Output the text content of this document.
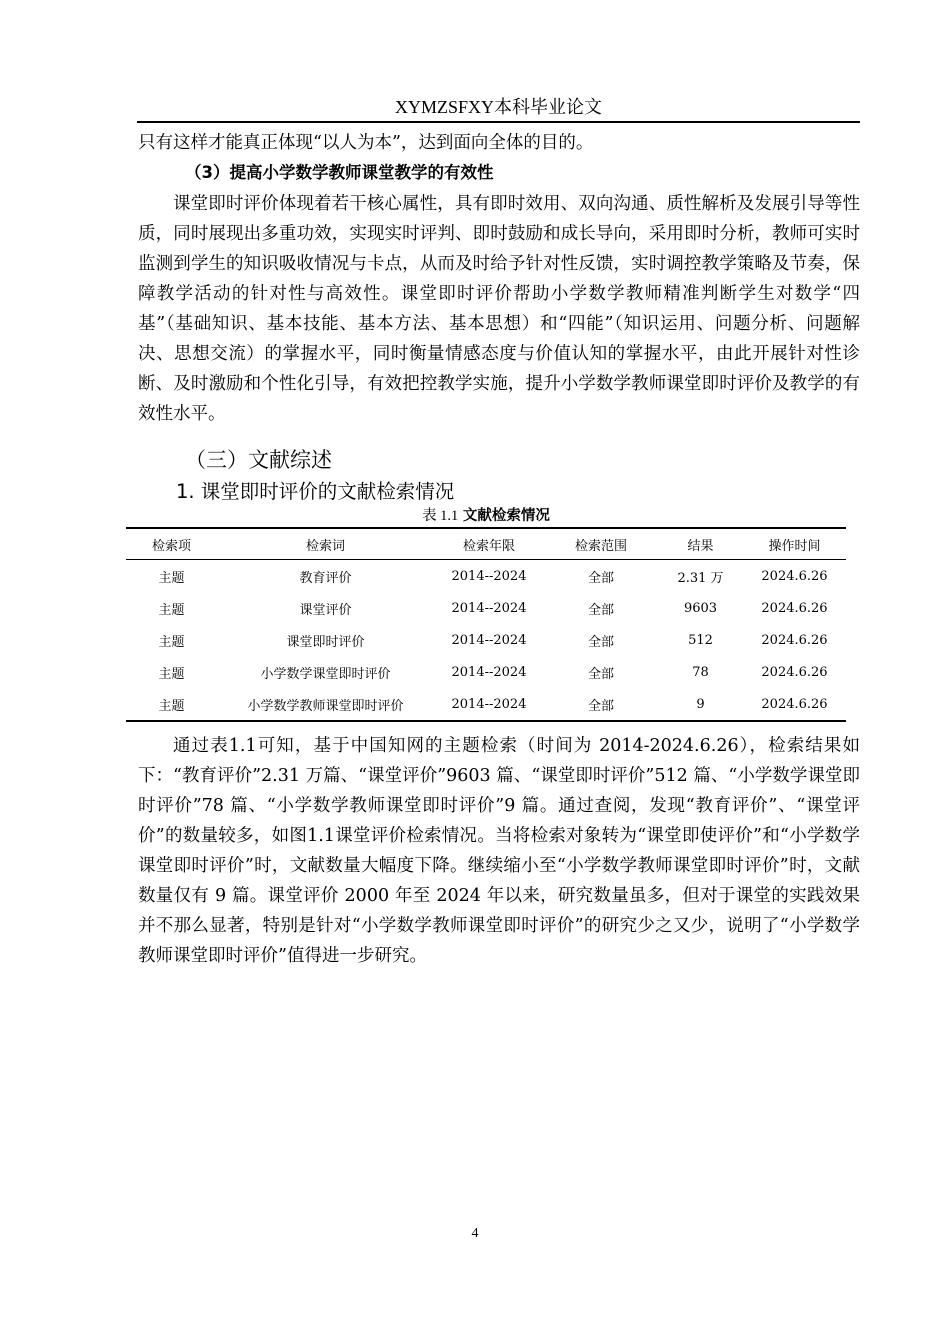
XYMZSFXY本科毕业论文

只有这样才能真正体现“以人为本”，达到面向全体的目的。

（3）提高小学数学教师课堂教学的有效性

课堂即时评价体现着若干核心属性，具有即时效用、双向沟通、质性解析及发展引导等性质，同时展现出多重功效，实现实时评判、即时鼓励和成长导向，采用即时分析，教师可实时监测到学生的知识吸收情况与卡点，从而及时给予针对性反馈，实时调控教学策略及节奏，保障教学活动的针对性与高效性。课堂即时评价帮助小学数学教师精准判断学生对数学“四基”（基础知识、基本技能、基本方法、基本思想）和“四能”（知识运用、问题分析、问题解决、思想交流）的掌握水平，同时衡量情感态度与价值认知的掌握水平，由此开展针对性诊断、及时激励和个性化引导，有效把控教学实施，提升小学数学教师课堂即时评价及教学的有效性水平。

（三）文献综述
1. 课堂即时评价的文献检索情况
表 1.1 文献检索情况
检索项	检索词	检索年限	检索范围	结果	操作时间
主题	教育评价	2014--2024	全部	2.31 万	2024.6.26
主题	课堂评价	2014--2024	全部	9603	2024.6.26
主题	课堂即时评价	2014--2024	全部	512	2024.6.26
主题	小学数学课堂即时评价	2014--2024	全部	78	2024.6.26
主题	小学数学教师课堂即时评价	2014--2024	全部	9	2024.6.26

通过表1.1可知，基于中国知网的主题检索（时间为 2014-2024.6.26），检索结果如下：“教育评价”2.31 万篇、“课堂评价”9603 篇、“课堂即时评价”512 篇、“小学数学课堂即时评价”78 篇、“小学数学教师课堂即时评价”9 篇。通过查阅，发现“教育评价”、“课堂评价”的数量较多，如图1.1课堂评价检索情况。当将检索对象转为“课堂即使评价”和“小学数学课堂即时评价”时，文献数量大幅度下降。继续缩小至“小学数学教师课堂即时评价”时，文献数量仅有 9 篇。课堂评价 2000 年至 2024 年以来，研究数量虽多，但对于课堂的实践效果并不那么显著，特别是针对“小学数学教师课堂即时评价”的研究少之又少，说明了“小学数学教师课堂即时评价”值得进一步研究。

4
